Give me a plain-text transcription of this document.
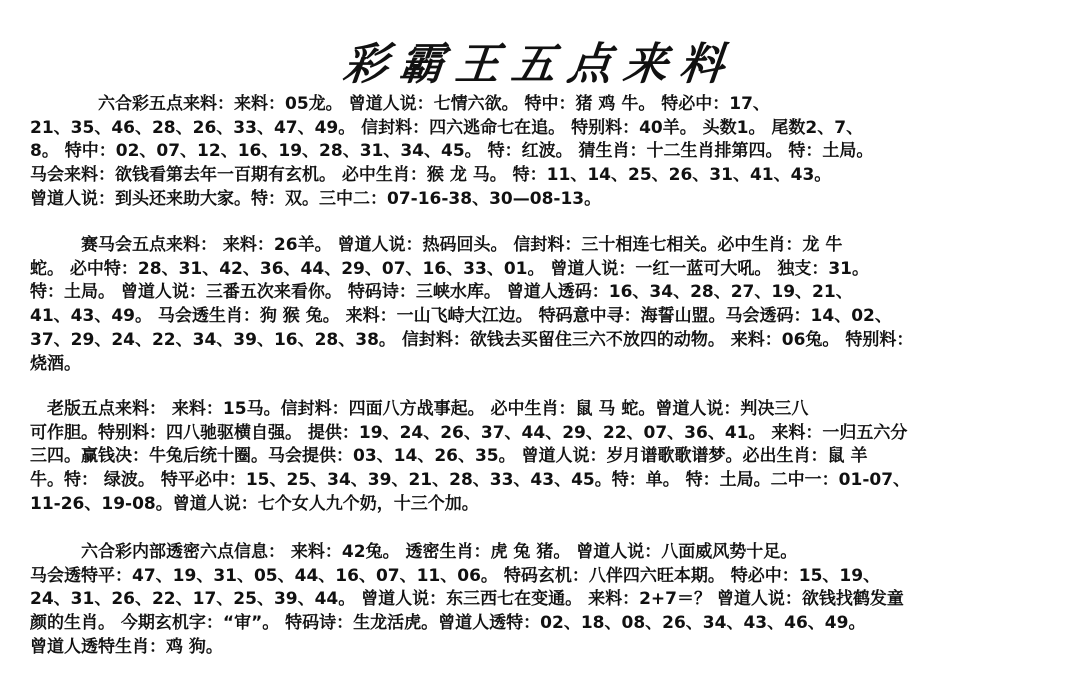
彩霸王五点来料

　　　　六合彩五点来料：来料：05龙。 曾道人说：七情六欲。 特中：猪 鸡 牛。 特必中：17、

21、35、46、28、26、33、47、49。 信封料：四六逃命七在追。 特别料：40羊。 头数1。 尾数2、7、

8。 特中：02、07、12、16、19、28、31、34、45。 特：红波。 猜生肖：十二生肖排第四。 特：土局。

马会来料：欲钱看第去年一百期有玄机。 必中生肖：猴 龙 马。 特：11、14、25、26、31、41、43。

曾道人说：到头还来助大家。特：双。三中二：07-16-38、30—08-13。

　　　赛马会五点来料： 来料：26羊。 曾道人说：热码回头。 信封料：三十相连七相关。必中生肖：龙 牛

蛇。 必中特：28、31、42、36、44、29、07、16、33、01。 曾道人说：一红一蓝可大吼。 独支：31。

特：土局。 曾道人说：三番五次来看你。 特码诗：三峡水库。 曾道人透码：16、34、28、27、19、21、

41、43、49。 马会透生肖：狗 猴 兔。 来料：一山飞峙大江边。 特码意中寻：海誓山盟。马会透码：14、02、

37、29、24、22、34、39、16、28、38。 信封料：欲钱去买留住三六不放四的动物。 来料：06兔。 特别料：

烧酒。

　老版五点来料： 来料：15马。信封料：四面八方战事起。 必中生肖：鼠 马 蛇。曾道人说：判决三八

可作胆。特别料：四八驰驱横自强。 提供：19、24、26、37、44、29、22、07、36、41。 来料：一归五六分

三四。赢钱决：牛兔后统十圈。马会提供：03、14、26、35。 曾道人说：岁月谱歌歌谱梦。必出生肖：鼠 羊

牛。特： 绿波。 特平必中：15、25、34、39、21、28、33、43、45。特：单。 特：土局。二中一：01-07、

11-26、19-08。曾道人说：七个女人九个奶，十三个加。

　　　六合彩内部透密六点信息： 来料：42兔。 透密生肖：虎 兔 猪。 曾道人说：八面威风势十足。

马会透特平：47、19、31、05、44、16、07、11、06。 特码玄机：八伴四六旺本期。 特必中：15、19、

24、31、26、22、17、25、39、44。 曾道人说：东三西七在变通。 来料：2+7＝？ 曾道人说：欲钱找鹤发童

颜的生肖。 今期玄机字：“审”。 特码诗：生龙活虎。曾道人透特：02、18、08、26、34、43、46、49。

曾道人透特生肖：鸡 狗。
